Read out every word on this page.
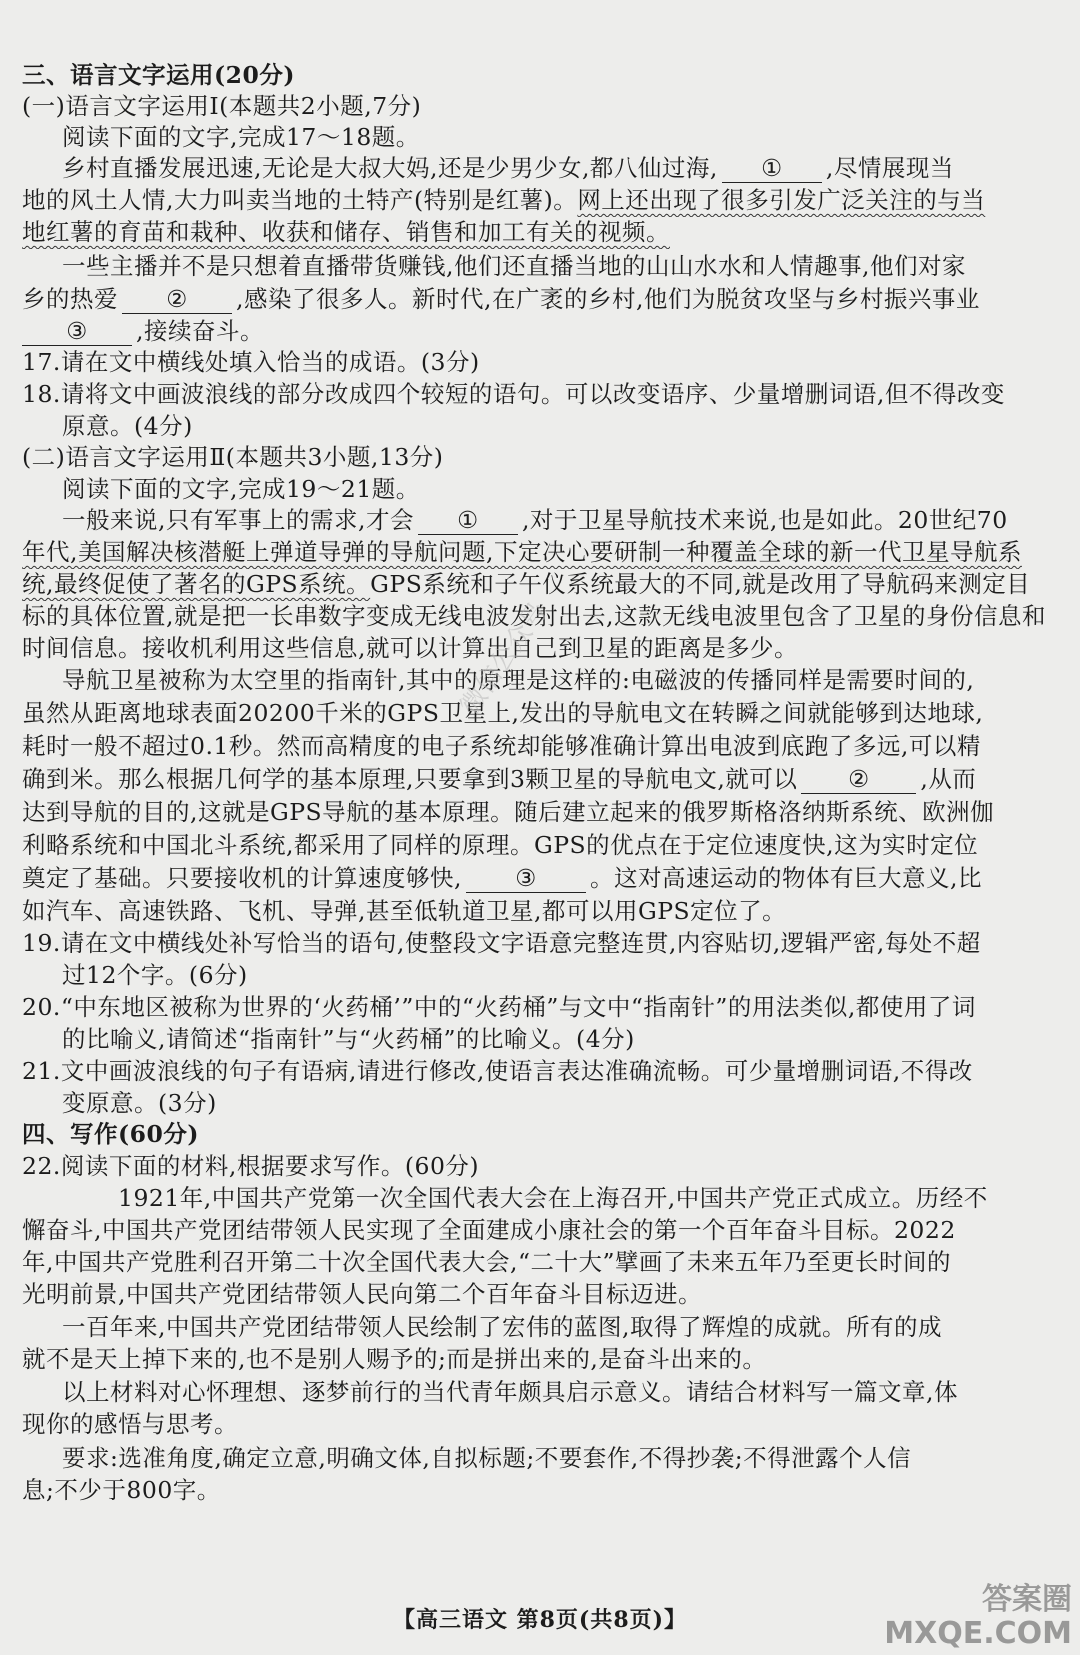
三、语言文字运用(20分)
(一)语言文字运用Ⅰ(本题共2小题,7分)
阅读下面的文字,完成17～18题。
乡村直播发展迅速,无论是大叔大妈,还是少男少女,都八仙过海, ① ,尽情展现当
地的风土人情,大力叫卖当地的土特产(特别是红薯)。网上还出现了很多引发广泛关注的与当
地红薯的育苗和栽种、收获和储存、销售和加工有关的视频。
一些主播并不是只想着直播带货赚钱,他们还直播当地的山山水水和人情趣事,他们对家
乡的热爱 ② ,感染了很多人。新时代,在广袤的乡村,他们为脱贫攻坚与乡村振兴事业
③ ,接续奋斗。
17.请在文中横线处填入恰当的成语。(3分)
18.请将文中画波浪线的部分改成四个较短的语句。可以改变语序、少量增删词语,但不得改变
原意。(4分)
(二)语言文字运用Ⅱ(本题共3小题,13分)
阅读下面的文字,完成19～21题。
一般来说,只有军事上的需求,才会 ① ,对于卫星导航技术来说,也是如此。20世纪70
年代,美国解决核潜艇上弹道导弹的导航问题,下定决心要研制一种覆盖全球的新一代卫星导航系
统,最终促使了著名的GPS系统。GPS系统和子午仪系统最大的不同,就是改用了导航码来测定目
标的具体位置,就是把一长串数字变成无线电波发射出去,这款无线电波里包含了卫星的身份信息和
时间信息。接收机利用这些信息,就可以计算出自己到卫星的距离是多少。
导航卫星被称为太空里的指南针,其中的原理是这样的:电磁波的传播同样是需要时间的,
虽然从距离地球表面20200千米的GPS卫星上,发出的导航电文在转瞬之间就能够到达地球,
耗时一般不超过0.1秒。然而高精度的电子系统却能够准确计算出电波到底跑了多远,可以精
确到米。那么根据几何学的基本原理,只要拿到3颗卫星的导航电文,就可以 ② ,从而
达到导航的目的,这就是GPS导航的基本原理。随后建立起来的俄罗斯格洛纳斯系统、欧洲伽
利略系统和中国北斗系统,都采用了同样的原理。GPS的优点在于定位速度快,这为实时定位
奠定了基础。只要接收机的计算速度够快, ③ 。这对高速运动的物体有巨大意义,比
如汽车、高速铁路、飞机、导弹,甚至低轨道卫星,都可以用GPS定位了。
19.请在文中横线处补写恰当的语句,使整段文字语意完整连贯,内容贴切,逻辑严密,每处不超
过12个字。(6分)
20.“中东地区被称为世界的‘火药桶’”中的“火药桶”与文中“指南针”的用法类似,都使用了词
的比喻义,请简述“指南针”与“火药桶”的比喻义。(4分)
21.文中画波浪线的句子有语病,请进行修改,使语言表达准确流畅。可少量增删词语,不得改
变原意。(3分)
四、写作(60分)
22.阅读下面的材料,根据要求写作。(60分)
1921年,中国共产党第一次全国代表大会在上海召开,中国共产党正式成立。历经不
懈奋斗,中国共产党团结带领人民实现了全面建成小康社会的第一个百年奋斗目标。2022
年,中国共产党胜利召开第二十次全国代表大会,“二十大”擘画了未来五年乃至更长时间的
光明前景,中国共产党团结带领人民向第二个百年奋斗目标迈进。
一百年来,中国共产党团结带领人民绘制了宏伟的蓝图,取得了辉煌的成就。所有的成
就不是天上掉下来的,也不是别人赐予的;而是拼出来的,是奋斗出来的。
以上材料对心怀理想、逐梦前行的当代青年颇具启示意义。请结合材料写一篇文章,体
现你的感悟与思考。
要求:选准角度,确定立意,明确文体,自拟标题;不要套作,不得抄袭;不得泄露个人信
息;不少于800字。
【高三语文 第8页(共8页)】
微信公众号
答案圈
MXQE.COM
